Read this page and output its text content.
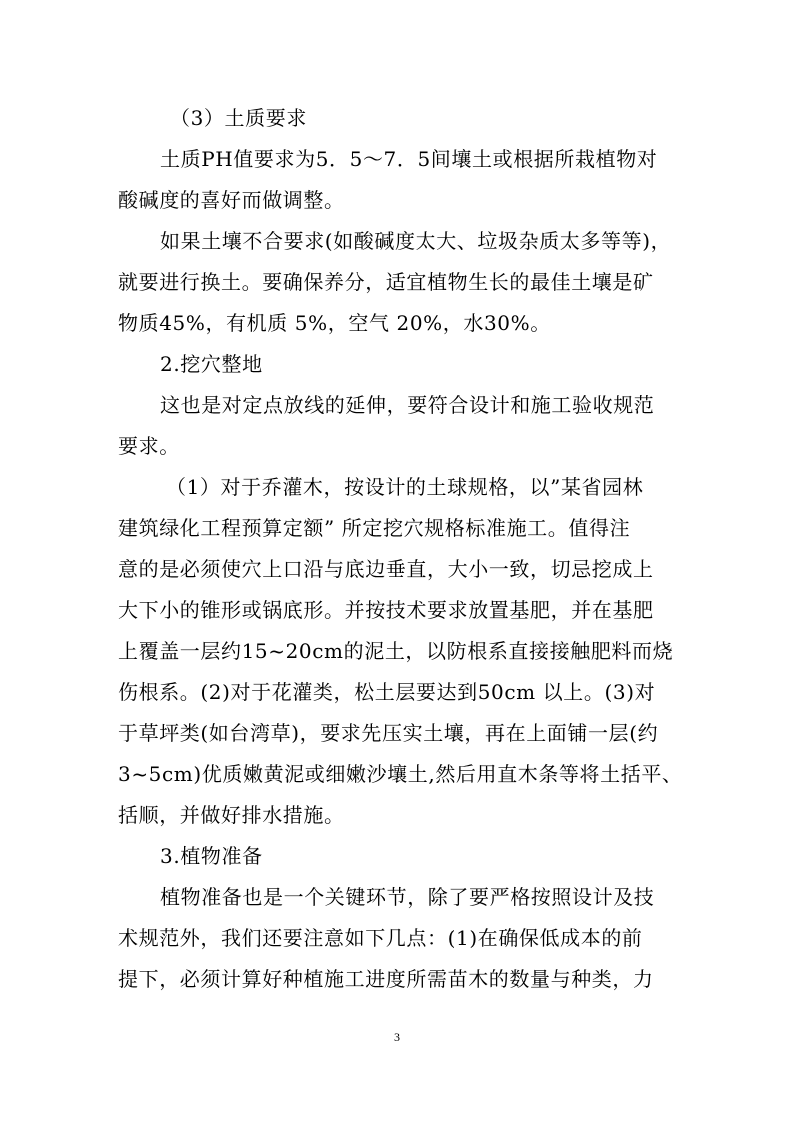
（3）土质要求
土质PH值要求为5．5～7．5间壤土或根据所栽植物对
酸碱度的喜好而做调整。
如果土壤不合要求(如酸碱度太大、垃圾杂质太多等等)，
就要进行换土。要确保养分，适宜植物生长的最佳土壤是矿
物质45%，有机质 5%，空气 20%，水30%。
2.挖穴整地
这也是对定点放线的延伸，要符合设计和施工验收规范
要求。
（1）对于乔灌木，按设计的土球规格，以”某省园林
建筑绿化工程预算定额” 所定挖穴规格标准施工。值得注
意的是必须使穴上口沿与底边垂直，大小一致，切忌挖成上
大下小的锥形或锅底形。并按技术要求放置基肥，并在基肥
上覆盖一层约15~20cm的泥土，以防根系直接接触肥料而烧
伤根系。(2)对于花灌类，松土层要达到50cm 以上。(3)对
于草坪类(如台湾草)，要求先压实土壤，再在上面铺一层(约
3~5cm)优质嫩黄泥或细嫩沙壤土,然后用直木条等将土括平、
括顺，并做好排水措施。
3.植物准备
植物准备也是一个关键环节，除了要严格按照设计及技
术规范外，我们还要注意如下几点：(1)在确保低成本的前
提下，必须计算好种植施工进度所需苗木的数量与种类，力
3
